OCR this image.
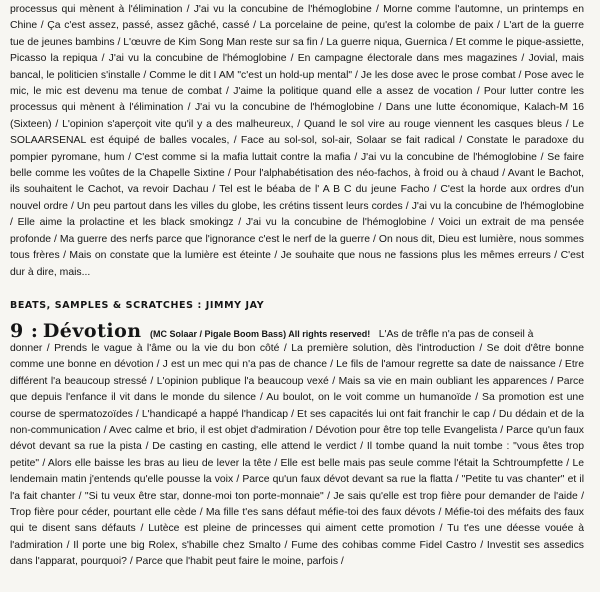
processus qui mènent à l'élimination / J'ai vu la concubine de l'hémoglobine / Morne comme l'automne, un printemps en Chine / Ça c'est assez, passé, assez gâché, cassé / La porcelaine de peine, qu'est la colombe de paix / L'art de la guerre tue de jeunes bambins / L'œuvre de Kim Song Man reste sur sa fin / La guerre niqua, Guernica / Et comme le pique-assiette, Picasso la repiqua / J'ai vu la concubine de l'hémoglobine / En campagne électorale dans mes magazines / Jovial, mais bancal, le politicien s'installe / Comme le dit I AM "c'est un hold-up mental" / Je les dose avec le prose combat / Pose avec le mic, le mic est devenu ma tenue de combat / J'aime la politique quand elle a assez de vocation / Pour lutter contre les processus qui mènent à l'élimination / J'ai vu la concubine de l'hémoglobine / Dans une lutte économique, Kalach-M 16 (Sixteen) / L'opinion s'aperçoit vite qu'il y a des malheureux, / Quand le sol vire au rouge viennent les casques bleus / Le SOLAARSENAL est équipé de balles vocales, / Face au sol-sol, sol-air, Solaar se fait radical / Constate le paradoxe du pompier pyromane, hum / C'est comme si la mafia luttait contre la mafia / J'ai vu la concubine de l'hémoglobine / Se faire belle comme les voûtes de la Chapelle Sixtine / Pour l'alphabétisation des néo-fachos, à froid ou à chaud / Avant le Bachot, ils souhaitent le Cachot, va revoir Dachau / Tel est le béaba de l' A B C du jeune Facho / C'est la horde aux ordres d'un nouvel ordre / Un peu partout dans les villes du globe, les crétins tissent leurs cordes / J'ai vu la concubine de l'hémoglobine / Elle aime la prolactine et les black smokingz / J'ai vu la concubine de l'hémoglobine / Voici un extrait de ma pensée profonde / Ma guerre des nerfs parce que l'ignorance c'est le nerf de la guerre / On nous dit, Dieu est lumière, nous sommes tous frères / Mais on constate que la lumière est éteinte / Je souhaite que nous ne fassions plus les mêmes erreurs / C'est dur à dire, mais...
BEATS, SAMPLES & SCRATCHES : JIMMY JAY
9 : Dévotion (MC Solaar / Pigale Boom Bass) All rights reserved! L'As de trêfle n'a pas de conseil à
donner / Prends le vague à l'âme ou la vie du bon côté / La première solution, dès l'introduction / Se doit d'être bonne comme une bonne en dévotion / J est un mec qui n'a pas de chance / Le fils de l'amour regrette sa date de naissance / Etre différent l'a beaucoup stressé / L'opinion publique l'a beaucoup vexé / Mais sa vie en main oubliant les apparences / Parce que depuis l'enfance il vit dans le monde du silence / Au boulot, on le voit comme un humanoïde / Sa promotion est une course de spermatozoïdes / L'handicapé a happé l'handicap / Et ses capacités lui ont fait franchir le cap / Du dédain et de la non-communication / Avec calme et brio, il est objet d'admiration / Dévotion pour être top telle Evangelista / Parce qu'un faux dévot devant sa rue la pista / De casting en casting, elle attend le verdict / Il tombe quand la nuit tombe : "vous êtes trop petite" / Alors elle baisse les bras au lieu de lever la tête / Elle est belle mais pas seule comme l'était la Schtroumpfette / Le lendemain matin j'entends qu'elle pousse la voix / Parce qu'un faux dévot devant sa rue la flatta / "Petite tu vas chanter" et il l'a fait chanter / "Si tu veux être star, donne-moi ton porte-monnaie" / Je sais qu'elle est trop fière pour demander de l'aide / Trop fière pour céder, pourtant elle cède / Ma fille t'es sans défaut méfie-toi des faux dévots / Méfie-toi des méfaits des faux qui te disent sans défauts / Lutèce est pleine de princesses qui aiment cette promotion / Tu t'es une déesse vouée à l'admiration / Il porte une big Rolex, s'habille chez Smalto / Fume des cohibas comme Fidel Castro / Investit ses assedics dans l'apparat, pourquoi? / Parce que l'habit peut faire le moine, parfois /
